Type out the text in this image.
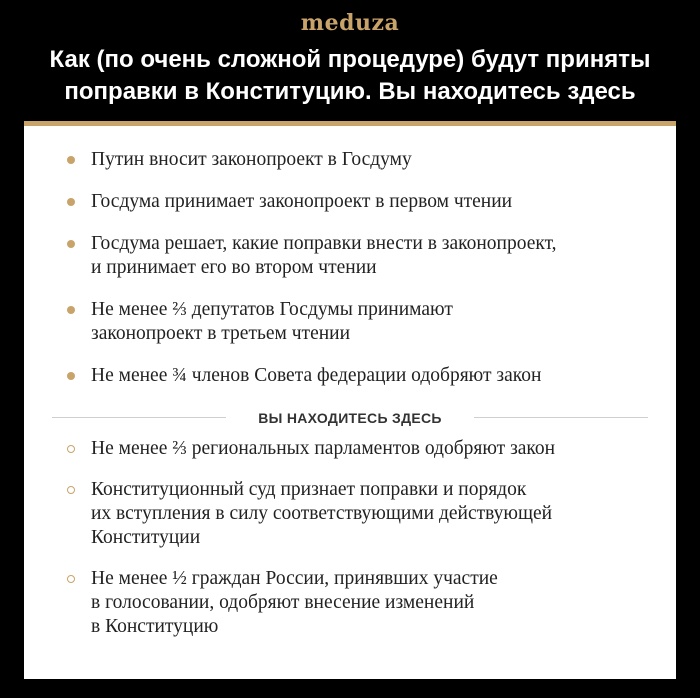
meduza
Как (по очень сложной процедуре) будут приняты
поправки в Конституцию. Вы находитесь здесь
Путин вносит законопроект в Госдуму
Госдума принимает законопроект в первом чтении
Госдума решает, какие поправки внести в законопроект,
и принимает его во втором чтении
Не менее ⅔ депутатов Госдумы принимают
законопроект в третьем чтении
Не менее ¾ членов Совета федерации одобряют закон
ВЫ НАХОДИТЕСЬ ЗДЕСЬ
Не менее ⅔ региональных парламентов одобряют закон
Конституционный суд признает поправки и порядок
их вступления в силу соответствующими действующей
Конституции
Не менее ½ граждан России, принявших участие
в голосовании, одобряют внесение изменений
в Конституцию
